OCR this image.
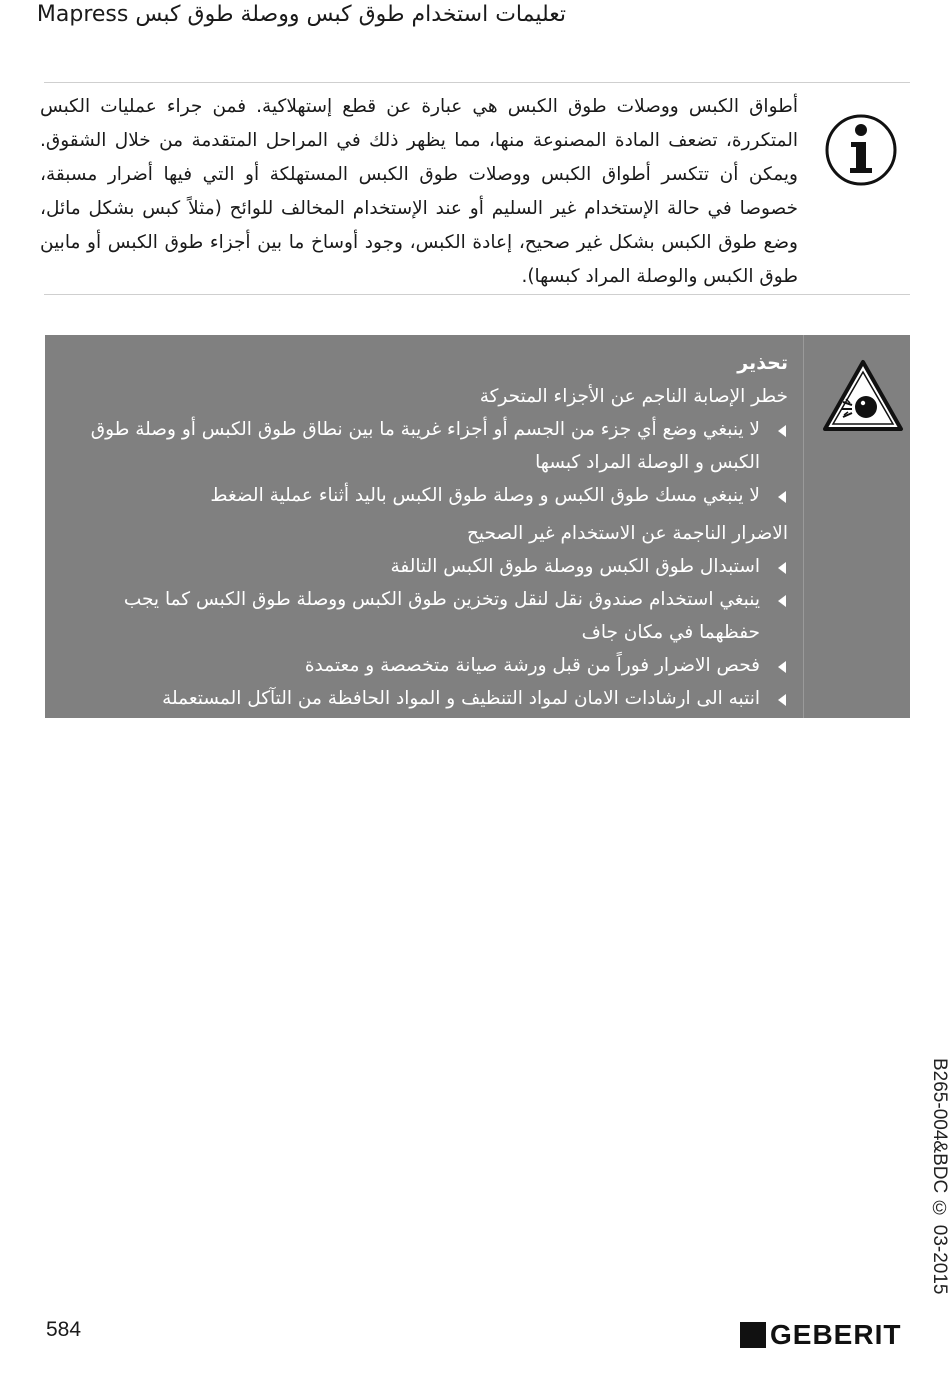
تعليمات استخدام طوق كبس ووصلة طوق كبس Mapress
أطواق الكبس ووصلات طوق الكبس هي عبارة عن قطع إستهلاكية. فمن جراء عمليات الكبس المتكررة، تضعف المادة المصنوعة منها، مما يظهر ذلك في المراحل المتقدمة من خلال الشقوق. ويمكن أن تتكسر أطواق الكبس ووصلات طوق الكبس المستهلكة أو التي فيها أضرار مسبقة، خصوصا في حالة الإستخدام غير السليم أو عند الإستخدام المخالف للوائح (مثلاً كبس بشكل مائل، وضع طوق الكبس بشكل غير صحيح، إعادة الكبس، وجود أوساخ ما بين أجزاء طوق الكبس أو مابين طوق الكبس والوصلة المراد كبسها).
تحذير
خطر الإصابة الناجم عن الأجزاء المتحركة
لا ينبغي وضع أي جزء من الجسم أو أجزاء غريبة ما بين نطاق طوق الكبس أو وصلة طوق الكبس و الوصلة المراد كبسها
لا ينبغي مسك طوق الكبس و وصلة طوق الكبس باليد أثناء عملية الضغط
الاضرار الناجمة عن الاستخدام غير الصحيح
استبدال طوق الكبس ووصلة طوق الكبس التالفة
ينبغي استخدام صندوق نقل لنقل وتخزين طوق الكبس ووصلة طوق الكبس كما يجب حفظهما في مكان جاف
فحص الاضرار فوراً من قبل ورشة صيانة متخصصة و معتمدة
انتبه الى ارشادات الامان لمواد التنظيف و المواد الحافظة من التآكل المستعملة
B265-004&BDC © 03-2015
584	GEBERIT
